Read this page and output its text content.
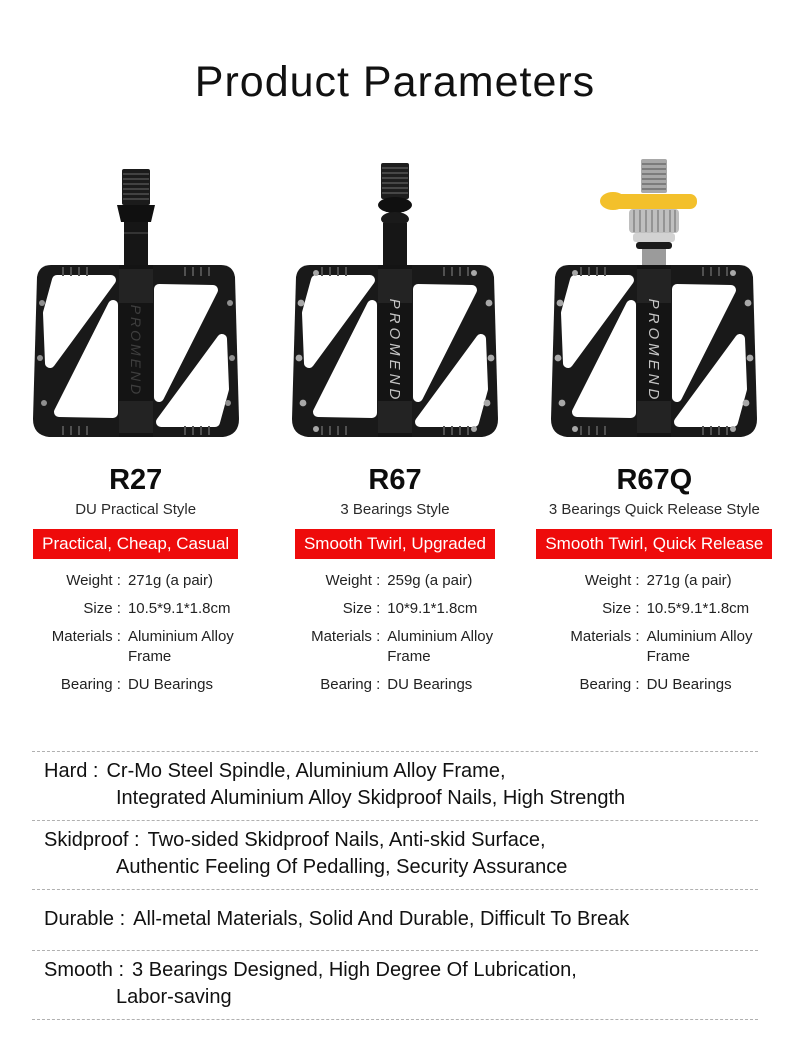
Product Parameters
PROMEND
R27
DU Practical Style
Practical, Cheap, Casual
Weight : 271g (a pair)
Size : 10.5*9.1*1.8cm
Materials : Aluminium Alloy Frame
Bearing : DU Bearings
PROMEND
R67
3 Bearings Style
Smooth Twirl, Upgraded
Weight : 259g (a pair)
Size : 10*9.1*1.8cm
Materials : Aluminium Alloy Frame
Bearing : DU Bearings
PROMEND
R67Q
3 Bearings Quick Release Style
Smooth Twirl, Quick Release
Weight : 271g (a pair)
Size : 10.5*9.1*1.8cm
Materials : Aluminium Alloy Frame
Bearing : DU Bearings
Hard : Cr-Mo Steel Spindle, Aluminium Alloy Frame,
Integrated Aluminium Alloy Skidproof Nails, High Strength
Skidproof : Two-sided Skidproof Nails, Anti-skid Surface,
Authentic Feeling Of Pedalling, Security Assurance
Durable : All-metal Materials, Solid And Durable, Difficult To Break
Smooth : 3 Bearings Designed, High Degree Of Lubrication,
Labor-saving
